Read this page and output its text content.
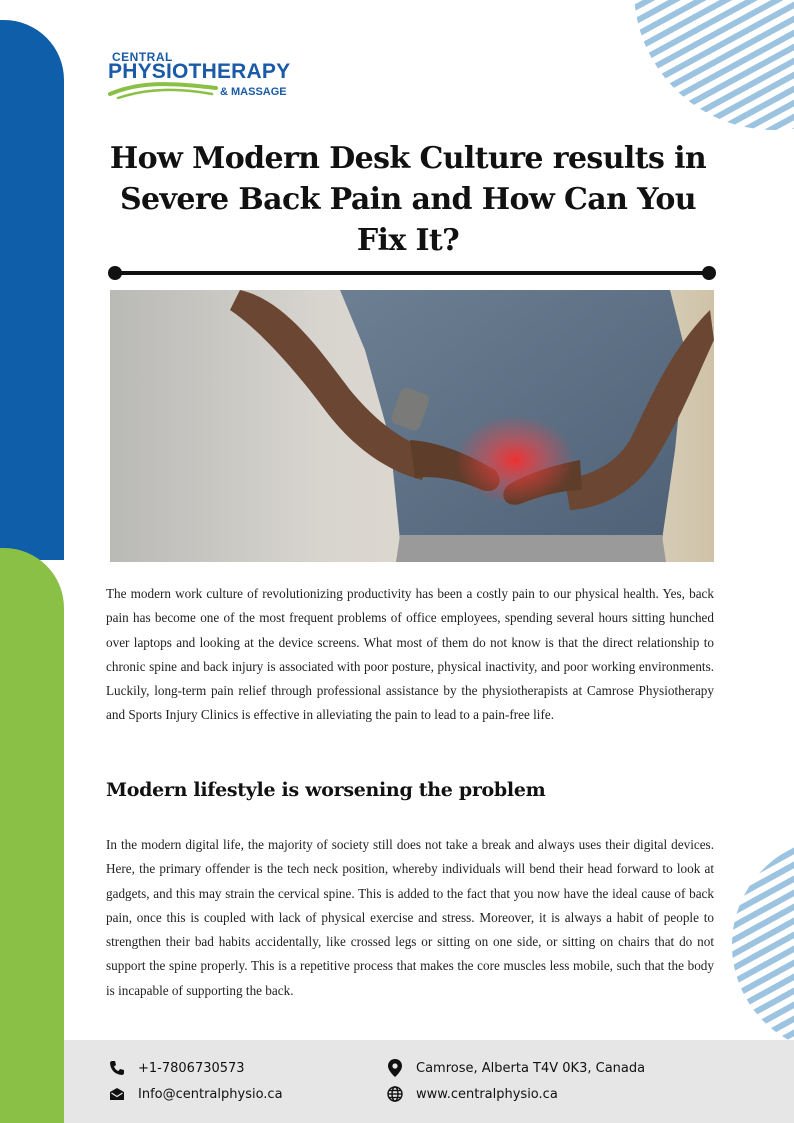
CENTRAL
PHYSIOTHERAPY
& MASSAGE
How Modern Desk Culture results in Severe Back Pain and How Can You Fix It?

The modern work culture of revolutionizing productivity has been a costly pain to our physical health. Yes, back pain has become one of the most frequent problems of office employees, spending several hours sitting hunched over laptops and looking at the device screens. What most of them do not know is that the direct relationship to chronic spine and back injury is associated with poor posture, physical inactivity, and poor working environments. Luckily, long-term pain relief through professional assistance by the physiotherapists at Camrose Physiotherapy and Sports Injury Clinics is effective in alleviating the pain to lead to a pain-free life.

Modern lifestyle is worsening the problem

In the modern digital life, the majority of society still does not take a break and always uses their digital devices. Here, the primary offender is the tech neck position, whereby individuals will bend their head forward to look at gadgets, and this may strain the cervical spine. This is added to the fact that you now have the ideal cause of back pain, once this is coupled with lack of physical exercise and stress. Moreover, it is always a habit of people to strengthen their bad habits accidentally, like crossed legs or sitting on one side, or sitting on chairs that do not support the spine properly. This is a repetitive process that makes the core muscles less mobile, such that the body is incapable of supporting the back.

+1-7806730573
Info@centralphysio.ca
Camrose, Alberta T4V 0K3, Canada
www.centralphysio.ca
